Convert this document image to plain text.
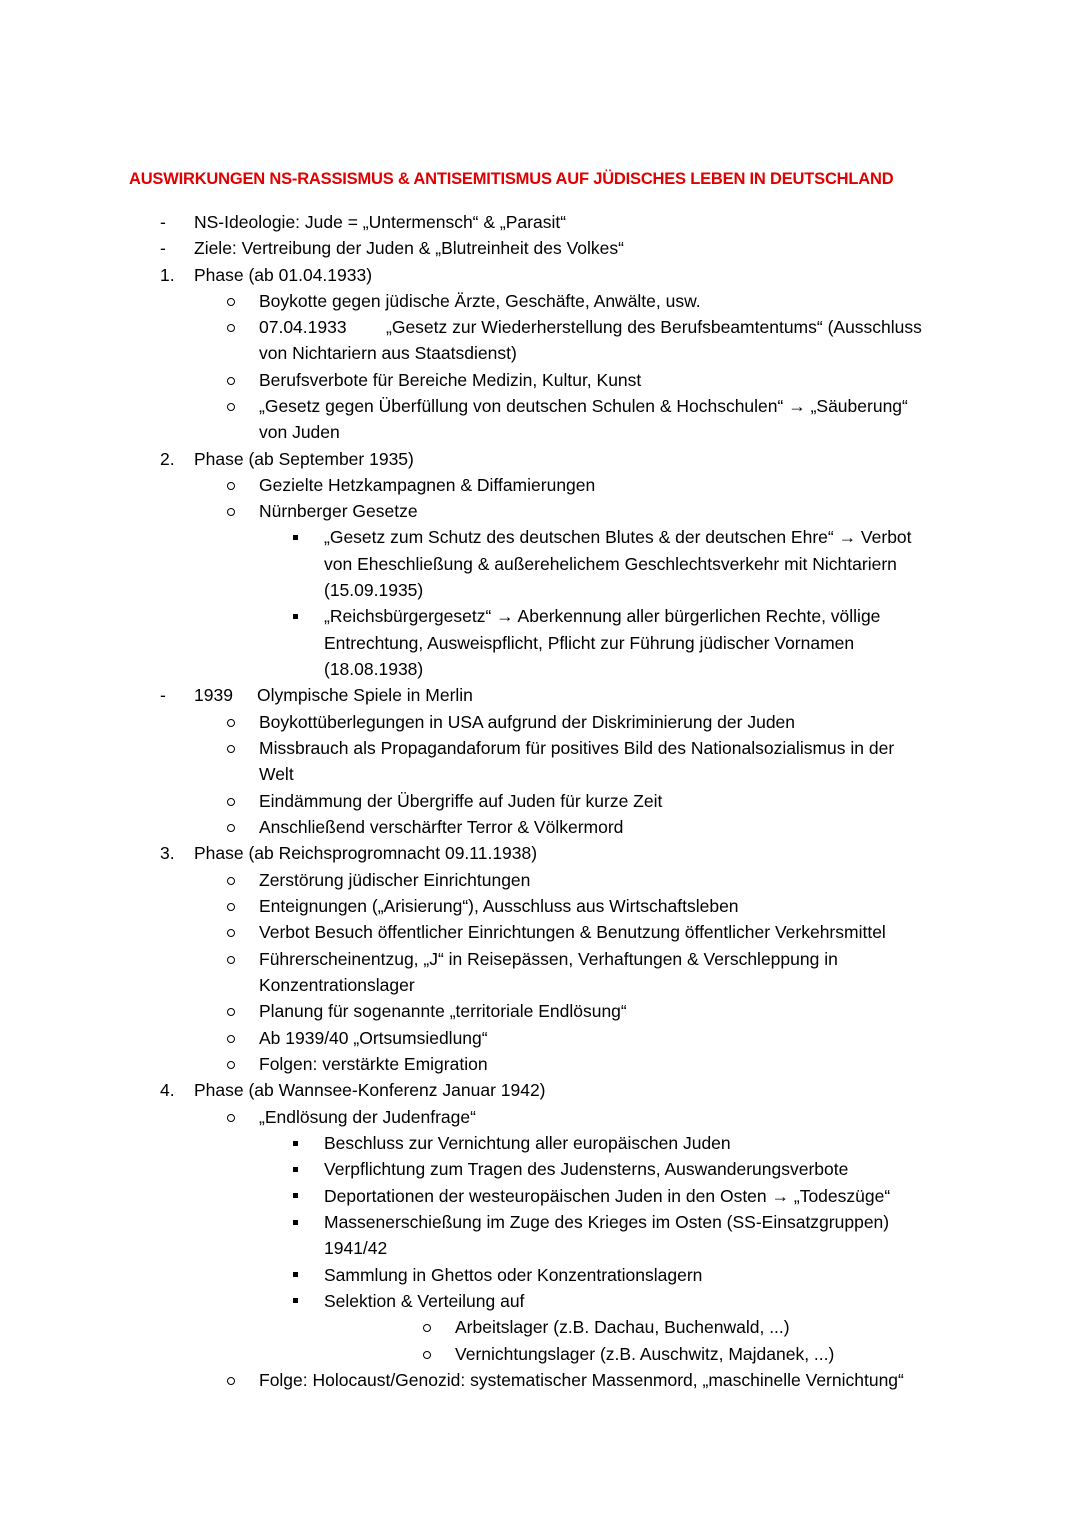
AUSWIRKUNGEN NS-RASSISMUS & ANTISEMITISMUS AUF JÜDISCHES LEBEN IN DEUTSCHLAND
- NS-Ideologie: Jude = „Untermensch“ & „Parasit“
- Ziele: Vertreibung der Juden & „Blutreinheit des Volkes“
1. Phase (ab 01.04.1933)
Boykotte gegen jüdische Ärzte, Geschäfte, Anwälte, usw.
07.04.1933 „Gesetz zur Wiederherstellung des Berufsbeamtentums“ (Ausschluss
von Nichtariern aus Staatsdienst)
Berufsverbote für Bereiche Medizin, Kultur, Kunst
„Gesetz gegen Überfüllung von deutschen Schulen & Hochschulen“ → „Säuberung“
von Juden
2. Phase (ab September 1935)
Gezielte Hetzkampagnen & Diffamierungen
Nürnberger Gesetze
„Gesetz zum Schutz des deutschen Blutes & der deutschen Ehre“ → Verbot
von Eheschließung & außerehelichem Geschlechtsverkehr mit Nichtariern
(15.09.1935)
„Reichsbürgergesetz“ → Aberkennung aller bürgerlichen Rechte, völlige
Entrechtung, Ausweispflicht, Pflicht zur Führung jüdischer Vornamen
(18.08.1938)
- 1939 Olympische Spiele in Merlin
Boykottüberlegungen in USA aufgrund der Diskriminierung der Juden
Missbrauch als Propagandaforum für positives Bild des Nationalsozialismus in der
Welt
Eindämmung der Übergriffe auf Juden für kurze Zeit
Anschließend verschärfter Terror & Völkermord
3. Phase (ab Reichsprogromnacht 09.11.1938)
Zerstörung jüdischer Einrichtungen
Enteignungen („Arisierung“), Ausschluss aus Wirtschaftsleben
Verbot Besuch öffentlicher Einrichtungen & Benutzung öffentlicher Verkehrsmittel
Führerscheinentzug, „J“ in Reisepässen, Verhaftungen & Verschleppung in
Konzentrationslager
Planung für sogenannte „territoriale Endlösung“
Ab 1939/40 „Ortsumsiedlung“
Folgen: verstärkte Emigration
4. Phase (ab Wannsee-Konferenz Januar 1942)
„Endlösung der Judenfrage“
Beschluss zur Vernichtung aller europäischen Juden
Verpflichtung zum Tragen des Judensterns, Auswanderungsverbote
Deportationen der westeuropäischen Juden in den Osten → „Todeszüge“
Massenerschießung im Zuge des Krieges im Osten (SS-Einsatzgruppen)
1941/42
Sammlung in Ghettos oder Konzentrationslagern
Selektion & Verteilung auf
Arbeitslager (z.B. Dachau, Buchenwald, ...)
Vernichtungslager (z.B. Auschwitz, Majdanek, ...)
Folge: Holocaust/Genozid: systematischer Massenmord, „maschinelle Vernichtung“
